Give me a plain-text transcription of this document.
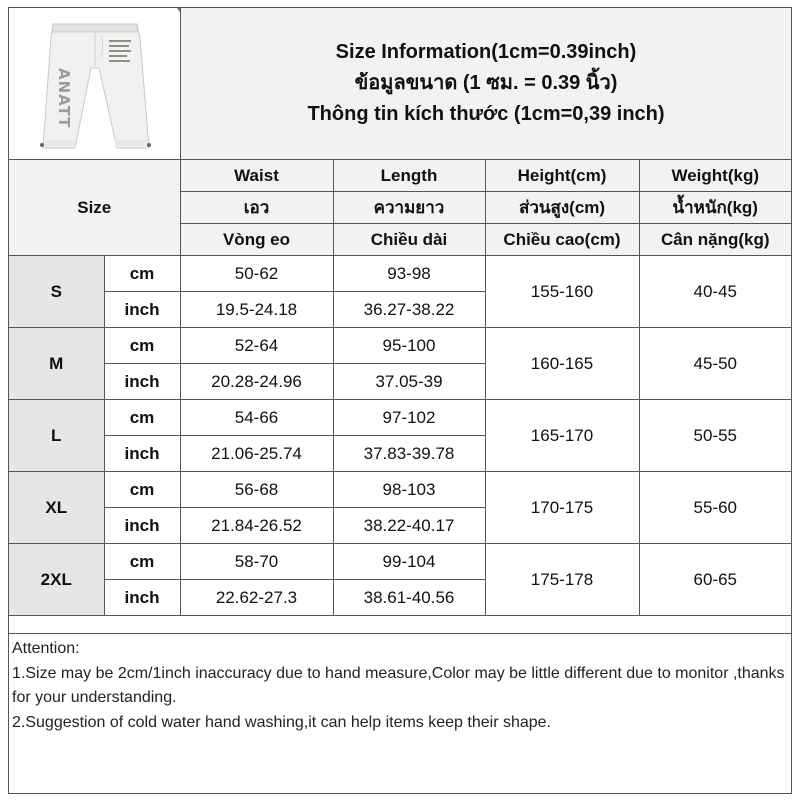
ANATT
Size Information(1cm=0.39inch)
ข้อมูลขนาด (1 ซม. = 0.39 นิ้ว)
Thông tin kích thước (1cm=0,39 inch)
Size		Waist	Length	Height(cm)	Weight(kg)
		เอว	ความยาว	ส่วนสูง(cm)	น้ำหนัก(kg)
		Vòng eo	Chiều dài	Chiều cao(cm)	Cân nặng(kg)
S	cm	50-62	93-98	155-160	40-45
	inch	19.5-24.18	36.27-38.22		
M	cm	52-64	95-100	160-165	45-50
	inch	20.28-24.96	37.05-39		
L	cm	54-66	97-102	165-170	50-55
	inch	21.06-25.74	37.83-39.78		
XL	cm	56-68	98-103	170-175	55-60
	inch	21.84-26.52	38.22-40.17		
2XL	cm	58-70	99-104	175-178	60-65
	inch	22.62-27.3	38.61-40.56		

Attention:

1.Size may be 2cm/1inch inaccuracy due to hand measure,Color may be little different due to monitor ,thanks for your understanding.

2.Suggestion of cold water hand washing,it can help items keep their shape.
